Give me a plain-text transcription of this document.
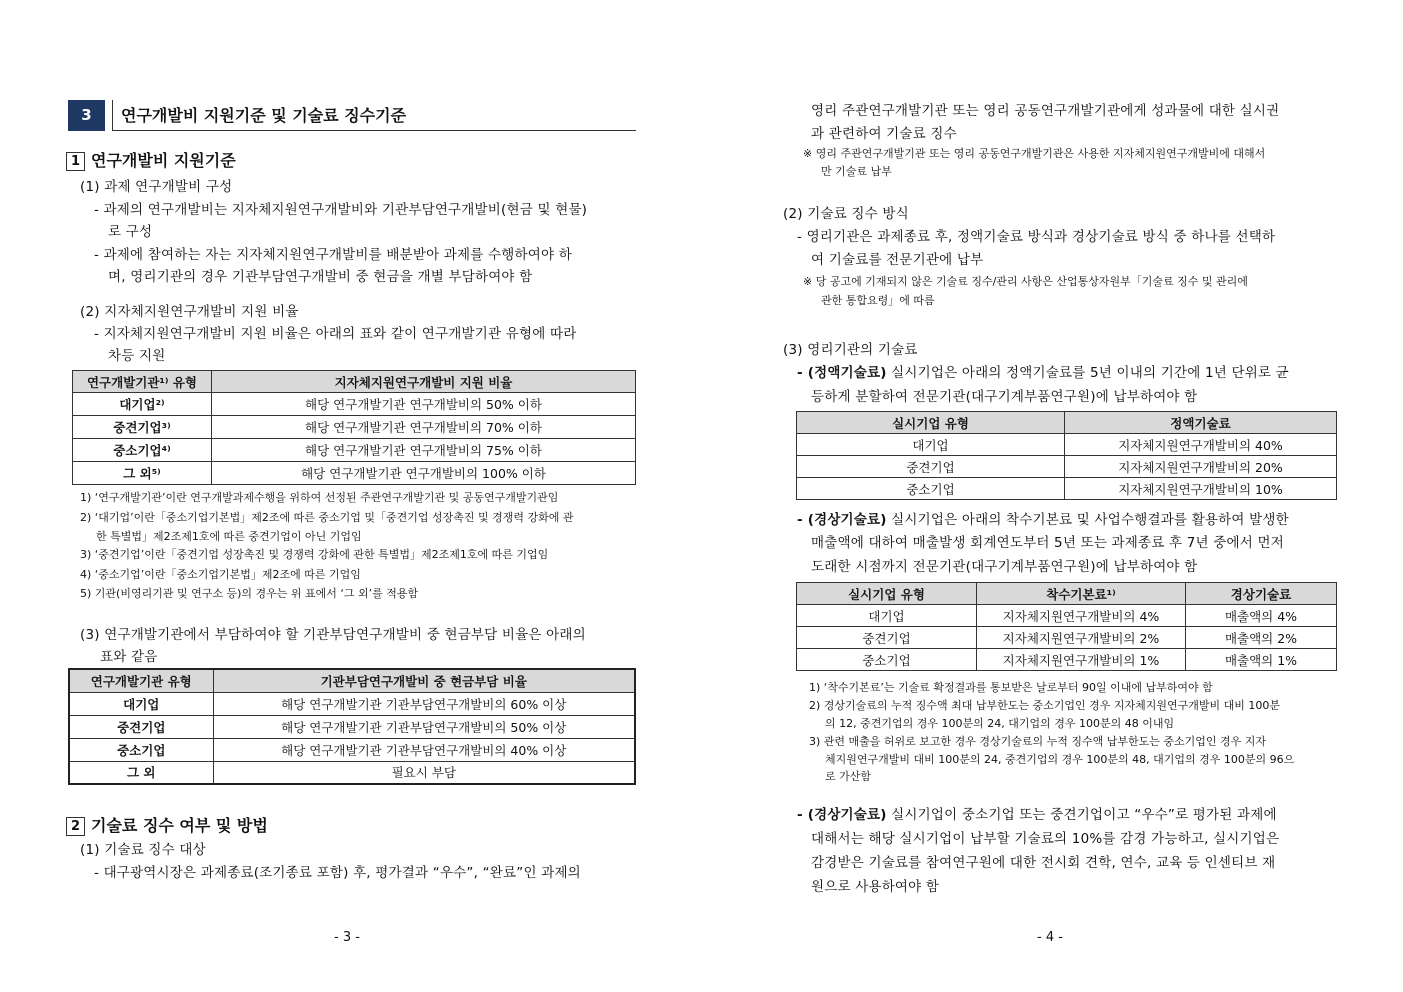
3	연구개발비 지원기준 및 기술료 징수기준
1 연구개발비 지원기준
(1) 과제 연구개발비 구성
- 과제의 연구개발비는 지자체지원연구개발비와 기관부담연구개발비(현금 및 현물)
로 구성
- 과제에 참여하는 자는 지자체지원연구개발비를 배분받아 과제를 수행하여야 하
며, 영리기관의 경우 기관부담연구개발비 중 현금을 개별 부담하여야 함
(2) 지자체지원연구개발비 지원 비율
- 지자체지원연구개발비 지원 비율은 아래의 표와 같이 연구개발기관 유형에 따라
차등 지원
연구개발기관¹⁾ 유형	지자체지원연구개발비 지원 비율
대기업²⁾	해당 연구개발기관 연구개발비의 50% 이하
중견기업³⁾	해당 연구개발기관 연구개발비의 70% 이하
중소기업⁴⁾	해당 연구개발기관 연구개발비의 75% 이하
그 외⁵⁾	해당 연구개발기관 연구개발비의 100% 이하
1) ‘연구개발기관’이란 연구개발과제수행을 위하여 선정된 주관연구개발기관 및 공동연구개발기관임
2) ‘대기업’이란「중소기업기본법」제2조에 따른 중소기업 및「중견기업 성장촉진 및 경쟁력 강화에 관
한 특별법」제2조제1호에 따른 중견기업이 아닌 기업임
3) ‘중견기업’이란「중견기업 성장촉진 및 경쟁력 강화에 관한 특별법」제2조제1호에 따른 기업임
4) ‘중소기업’이란「중소기업기본법」제2조에 따른 기업임
5) 기관(비영리기관 및 연구소 등)의 경우는 위 표에서 ‘그 외’를 적용함
(3) 연구개발기관에서 부담하여야 할 기관부담연구개발비 중 현금부담 비율은 아래의
표와 같음
연구개발기관 유형	기관부담연구개발비 중 현금부담 비율
대기업	해당 연구개발기관 기관부담연구개발비의 60% 이상
중견기업	해당 연구개발기관 기관부담연구개발비의 50% 이상
중소기업	해당 연구개발기관 기관부담연구개발비의 40% 이상
그 외	필요시 부담
2 기술료 징수 여부 및 방법
(1) 기술료 징수 대상
- 대구광역시장은 과제종료(조기종료 포함) 후, 평가결과 “우수”, “완료”인 과제의
- 3 -
영리 주관연구개발기관 또는 영리 공동연구개발기관에게 성과물에 대한 실시권
과 관련하여 기술료 징수
※ 영리 주관연구개발기관 또는 영리 공동연구개발기관은 사용한 지자체지원연구개발비에 대해서
만 기술료 납부
(2) 기술료 징수 방식
- 영리기관은 과제종료 후, 정액기술료 방식과 경상기술료 방식 중 하나를 선택하
여 기술료를 전문기관에 납부
※ 당 공고에 기재되지 않은 기술료 징수/관리 사항은 산업통상자원부「기술료 징수 및 관리에
관한 통합요령」에 따름
(3) 영리기관의 기술료
- (정액기술료) 실시기업은 아래의 정액기술료를 5년 이내의 기간에 1년 단위로 균
등하게 분할하여 전문기관(대구기계부품연구원)에 납부하여야 함
실시기업 유형	정액기술료
대기업	지자체지원연구개발비의 40%
중견기업	지자체지원연구개발비의 20%
중소기업	지자체지원연구개발비의 10%
- (경상기술료) 실시기업은 아래의 착수기본료 및 사업수행결과를 활용하여 발생한
매출액에 대하여 매출발생 회계연도부터 5년 또는 과제종료 후 7년 중에서 먼저
도래한 시점까지 전문기관(대구기계부품연구원)에 납부하여야 함
실시기업 유형	착수기본료¹⁾	경상기술료
대기업	지자체지원연구개발비의 4%	매출액의 4%
중견기업	지자체지원연구개발비의 2%	매출액의 2%
중소기업	지자체지원연구개발비의 1%	매출액의 1%
1) ‘착수기본료’는 기술료 확정결과를 통보받은 날로부터 90일 이내에 납부하여야 함
2) 경상기술료의 누적 징수액 최대 납부한도는 중소기업인 경우 지자체지원연구개발비 대비 100분
의 12, 중견기업의 경우 100분의 24, 대기업의 경우 100분의 48 이내임
3) 관련 매출을 허위로 보고한 경우 경상기술료의 누적 징수액 납부한도는 중소기업인 경우 지자
체지원연구개발비 대비 100분의 24, 중견기업의 경우 100분의 48, 대기업의 경우 100분의 96으
로 가산함
- (경상기술료) 실시기업이 중소기업 또는 중견기업이고 “우수”로 평가된 과제에
대해서는 해당 실시기업이 납부할 기술료의 10%를 감경 가능하고, 실시기업은
감경받은 기술료를 참여연구원에 대한 전시회 견학, 연수, 교육 등 인센티브 재
원으로 사용하여야 함
- 4 -
